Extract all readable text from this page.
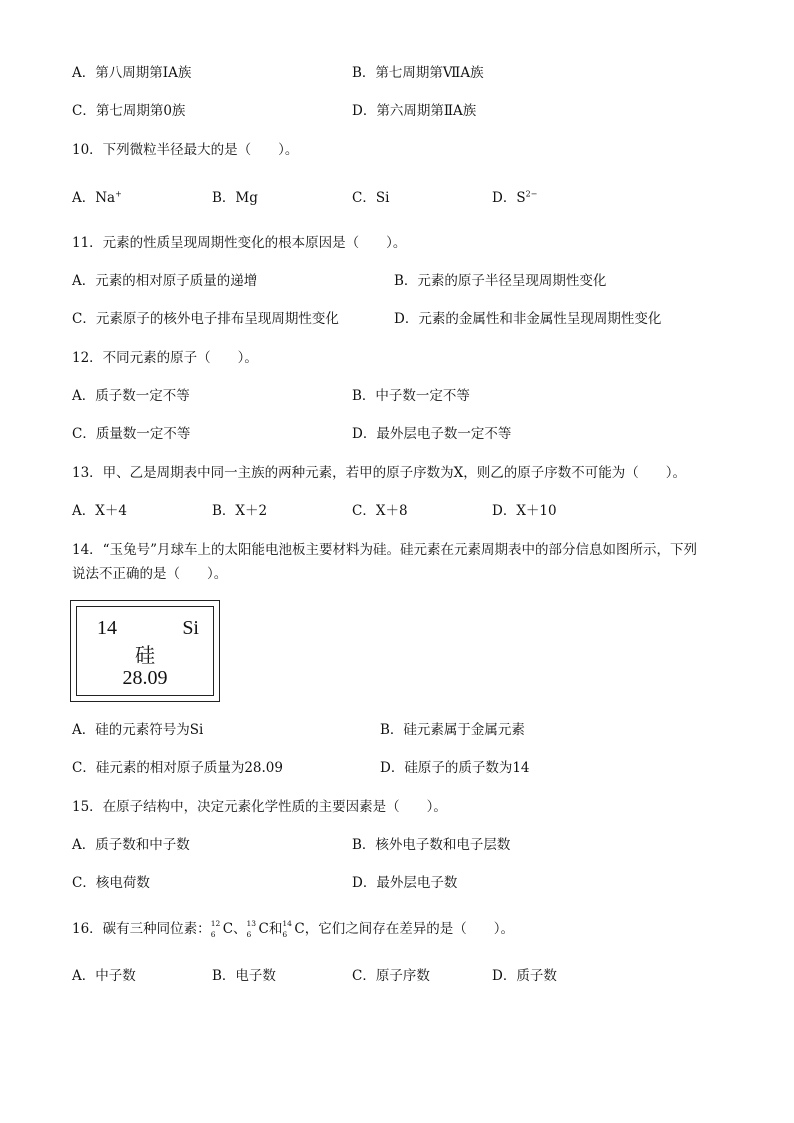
A．第八周期第ⅠA族	B．第七周期第ⅦA族
C．第七周期第0族	D．第六周期第ⅡA族
10．下列微粒半径最大的是（　　）。
A．Na+	B．Mg	C．Si	D．$S^{2-}$
11．元素的性质呈现周期性变化的根本原因是（　　）。
A．元素的相对原子质量的递增	B．元素的原子半径呈现周期性变化
C．元素原子的核外电子排布呈现周期性变化	D．元素的金属性和非金属性呈现周期性变化
12．不同元素的原子（　　）。
A．质子数一定不等	B．中子数一定不等
C．质量数一定不等	D．最外层电子数一定不等
13．甲、乙是周期表中同一主族的两种元素，若甲的原子序数为X，则乙的原子序数不可能为（　　）。
A．X＋4	B．X＋2	C．X＋8	D．X＋10
14．“玉兔号”月球车上的太阳能电池板主要材料为硅。硅元素在元素周期表中的部分信息如图所示，下列
说法不正确的是（　　）。
14	Si
硅
28.09
A．硅的元素符号为Si	B．硅元素属于金属元素
C．硅元素的相对原子质量为28.09	D．硅原子的质子数为14
15．在原子结构中，决定元素化学性质的主要因素是（　　）。
A．质子数和中子数	B．核外电子数和电子层数
C．核电荷数	D．最外层电子数
16．碳有三种同位素： 12
6 C、 13
6 C和 14
6 C，它们之间存在差异的是（　　）。
A．中子数	B．电子数	C．原子序数	D．质子数
